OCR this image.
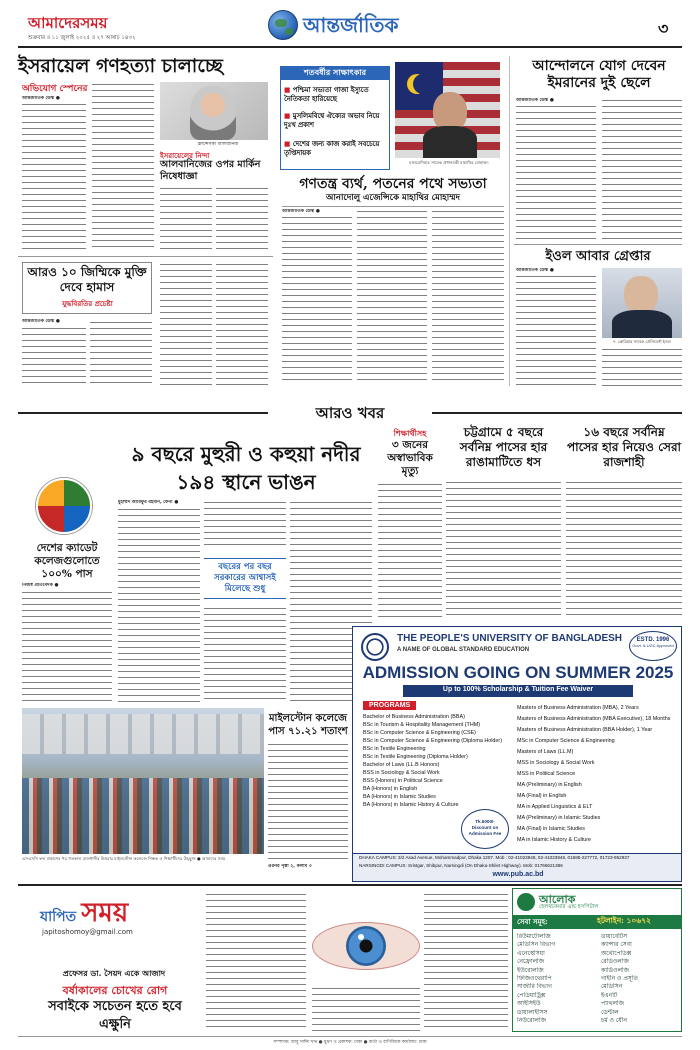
আমাদেরসময়
শুক্রবার ॥ ১১ জুলাই ২০২৫ ॥ ২৭ আষাঢ় ১৪৩২
আন্তর্জাতিক	৩
ইসরায়েল গণহত্যা চালাচ্ছে
অভিযোগ স্পেনের
আন্তর্জাতিক ডেস্ক ●
ফ্রান্সেসকা আলবানিজ
ইসরায়েলের নিন্দা
আলবানিজের ওপর মার্কিন নিষেধাজ্ঞা
আরও ১০ জিম্মিকে মুক্তি দেবে হামাস
যুদ্ধবিরতির প্রচেষ্টা
আন্তর্জাতিক ডেস্ক ●
শতবর্ষীর সাক্ষাৎকার
■ পশ্চিমা সভ্যতা গাজা ইস্যুতে নৈতিকতা হারিয়েছে
■ মুসলিমবিশ্বে ঐক্যের অভাব নিয়ে দুঃখ প্রকাশ
■ দেশের জন্য কাজ করাই সবচেয়ে তৃপ্তিদায়ক
মালয়েশিয়ার সাবেক প্রধানমন্ত্রী মাহাথির মোহাম্মদ
গণতন্ত্র ব্যর্থ, পতনের পথে সভ্যতা
আনাদোলু এজেন্সিকে মাহাথির মোহাম্মদ
আন্তর্জাতিক ডেস্ক ●
আন্দোলনে যোগ দেবেন ইমরানের দুই ছেলে
আন্তর্জাতিক ডেস্ক ●
ইওল আবার গ্রেপ্তার
আন্তর্জাতিক ডেস্ক ●
দ. কোরিয়ার সাবেক প্রেসিডেন্ট ইওল
আরও খবর
দেশের ক্যাডেট কলেজগুলোতে ১০০% পাস
নিজস্ব প্রতিবেদক ●
৯ বছরে মুহুরী ও কহুয়া নদীর ১৯৪ স্থানে ভাঙন
মুহাম্মদ আরিফুর রহমান, ফেনী ●
বছরের পর বছর সরকারের আশ্বাসই মিলেছে শুধু
শিক্ষার্থীসহ
৩ জনের অস্বাভাবিক মৃত্যু
চট্টগ্রামে ৫ বছরে সর্বনিম্ন পাসের হার রাঙামাটিতে ধস
১৬ বছরে সর্বনিম্ন পাসের হার নিয়েও সেরা রাজশাহী
THE PEOPLE'S UNIVERSITY OF BANGLADESH
A NAME OF GLOBAL STANDARD EDUCATION
ESTD. 1996
Govt. & UGC Approved
ADMISSION GOING ON SUMMER 2025
Up to 100% Scholarship & Tuition Fee Waiver
PROGRAMS
Bachelor of Business Administration (BBA)
BSc in Tourism & Hospitality Management (THM)
BSc in Computer Science & Engineering (CSE)
BSc in Computer Science & Engineering (Diploma Holder)
BSc in Textile Engineering
BSc in Textile Engineering (Diploma Holder)
Bachelor of Laws (LL.B Honors)
BSS in Sociology & Social Work
BSS (Honors) in Political Science
BA (Honors) in English
BA (Honors) in Islamic Studies
BA (Honors) in Islamic History & Culture
Masters of Business Administration (MBA), 2 Years
Masters of Business Administration (MBA Executive), 18 Months
Masters of Business Administration (BBA Holder), 1 Year
MSc in Computer Science & Engineering
Masters of Laws (LL.M)
MSS in Sociology & Social Work
MSS in Political Science
MA (Preliminary) in English
MA (Final) in English
MA in Applied Linguistics & ELT
MA (Preliminary) in Islamic Studies
MA (Final) in Islamic Studies
MA in Islamic History & Culture
Tk.5000/- Discount on Admission Fee
DHAKA CAMPUS: 3/2 Asad Avenue, Mohammadpur, Dhaka 1207. Mob : 02-41023948, 02-41023946, 01685-227772, 01723-952937
NARSINGDI CAMPUS: Sristgar, Shibpur, Narsingdi (On Dhaka-Shilet Highway). Mob: 01766621386
www.pub.ac.bd
এসএসসি ফল প্রকাশের পর গতকাল রাজধানীর উত্তরার মাইলস্টোন কলেজে শিক্ষক ও শিক্ষার্থীদের উচ্ছ্বাস ● আমাদের সময়
মাইলস্টোন কলেজে পাস ৭১.২১ শতাংশ
এরপর পৃষ্ঠা ২, কলাম ৩
যাপিত সময়
japitoshomoy@gmail.com
প্রফেসর ডা. সৈয়দ একে আজাদ
বর্ষাকালের চোখের রোগ
সবাইকে সচেতন হতে হবে এক্ষুনি
আলোক
হেলথকেয়ার এন্ড হসপিটাল
সেবা সমূহ:	হটলাইন: ১০৬৭২
রিউমাটোলজি
মেডিসিন বিভাগ
এনেস্থেসিয়া
নেফ্রোলজি
ইউরোলজি
ফিজিওথেরাপি
সার্জারি বিভাগ
পেডিয়াট্রিক্স
আইসিইউ
ডায়ালাইসিস
নিউরোলজি
ডায়াবেটিস
ক্যান্সার সেবা
অর্থোপেডিক্স
রেডিওলজি
কার্ডিওলজি
গাইনি ও প্রসূতি
মেডিসিন
ইএনটি
প্যাথলজি
ডেন্টাল
চর্ম ও যৌন
সম্পাদক: আবু সাঈদ খান ● মুদ্রণ ও প্রকাশক: ঢাকা ● বার্তা ও বাণিজ্যিক কার্যালয়: ঢাকা
